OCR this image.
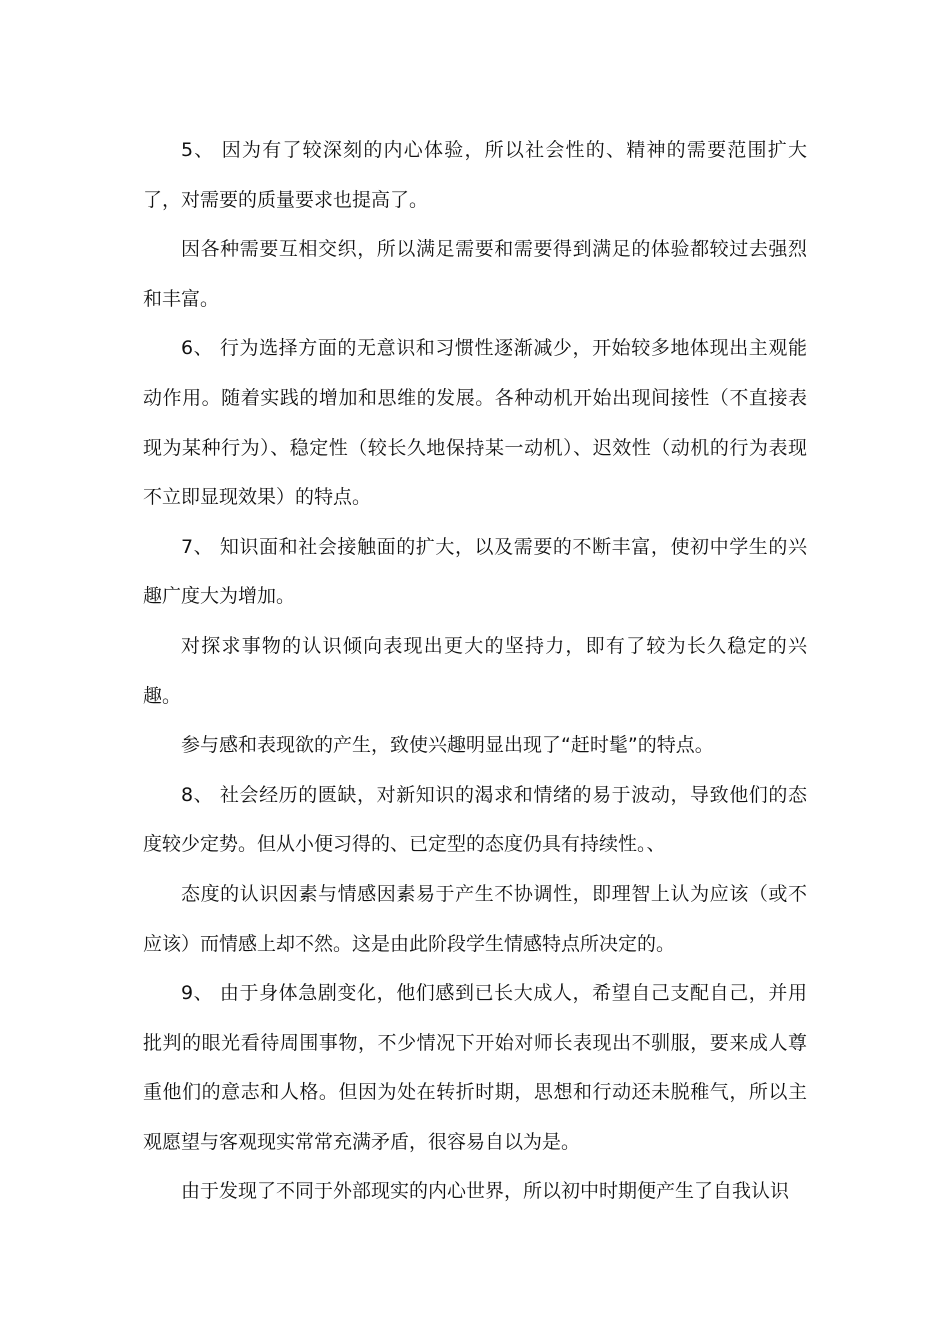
5、 因为有了较深刻的内心体验，所以社会性的、精神的需要范围扩大了，对需要的质量要求也提高了。

因各种需要互相交织，所以满足需要和需要得到满足的体验都较过去强烈和丰富。

6、 行为选择方面的无意识和习惯性逐渐减少，开始较多地体现出主观能动作用。随着实践的增加和思维的发展。各种动机开始出现间接性（不直接表现为某种行为）、稳定性（较长久地保持某一动机）、迟效性（动机的行为表现不立即显现效果）的特点。

7、 知识面和社会接触面的扩大，以及需要的不断丰富，使初中学生的兴趣广度大为增加。

对探求事物的认识倾向表现出更大的坚持力，即有了较为长久稳定的兴趣。

参与感和表现欲的产生，致使兴趣明显出现了“赶时髦”的特点。

8、 社会经历的匮缺，对新知识的渴求和情绪的易于波动，导致他们的态度较少定势。但从小便习得的、已定型的态度仍具有持续性。、

态度的认识因素与情感因素易于产生不协调性，即理智上认为应该（或不应该）而情感上却不然。这是由此阶段学生情感特点所决定的。

9、 由于身体急剧变化，他们感到已长大成人，希望自己支配自己，并用批判的眼光看待周围事物，不少情况下开始对师长表现出不驯服，要来成人尊重他们的意志和人格。但因为处在转折时期，思想和行动还未脱稚气，所以主观愿望与客观现实常常充满矛盾，很容易自以为是。

由于发现了不同于外部现实的内心世界，所以初中时期便产生了自我认识
